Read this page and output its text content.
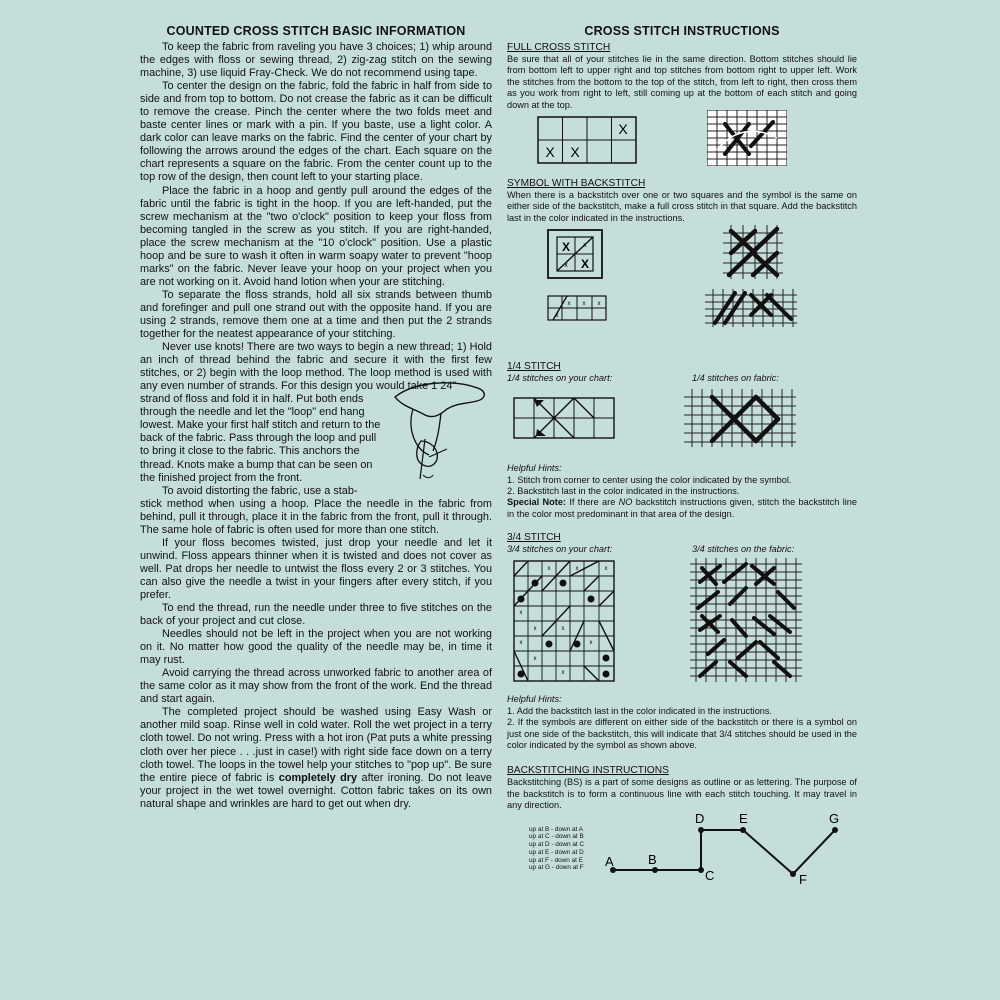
COUNTED CROSS STITCH BASIC INFORMATION

To keep the fabric from raveling you have 3 choices; 1) whip around the edges with floss or sewing thread, 2) zig-zag stitch on the sewing machine, 3) use liquid Fray-Check. We do not recommend using tape.

To center the design on the fabric, fold the fabric in half from side to side and from top to bottom. Do not crease the fabric as it can be difficult to remove the crease. Pinch the center where the two folds meet and baste center lines or mark with a pin. If you baste, use a light color. A dark color can leave marks on the fabric. Find the center of your chart by following the arrows around the edges of the chart. Each square on the chart represents a square on the fabric. From the center count up to the top row of the design, then count left to your starting place.

Place the fabric in a hoop and gently pull around the edges of the fabric until the fabric is tight in the hoop. If you are left-handed, put the screw mechanism at the "two o'clock" position to keep your floss from becoming tangled in the screw as you stitch. If you are right-handed, place the screw mechanism at the "10 o'clock" position. Use a plastic hoop and be sure to wash it often in warm soapy water to prevent "hoop marks" on the fabric. Never leave your hoop on your project when you are not working on it. Avoid hand lotion when your are stitching.

To separate the floss strands, hold all six strands between thumb and forefinger and pull one strand out with the opposite hand. If you are using 2 strands, remove them one at a time and then put the 2 strands together for the neatest appearance of your stitching.

Never use knots! There are two ways to begin a new thread; 1) Hold an inch of thread behind the fabric and secure it with the first few stitches, or 2) begin with the loop method. The loop method is used with any even number of strands. For this design you would take 1 24"

strand of floss and fold it in half. Put both ends
through the needle and let the "loop" end hang
lowest. Make your first half stitch and return to the
back of the fabric. Pass through the loop and pull
to bring it close to the fabric. This anchors the
thread. Knots make a bump that can be seen on
the finished project from the front.
To avoid distorting the fabric, use a stab-

stick method when using a hoop. Place the needle in the fabric from behind, pull it through, place it in the fabric from the front, pull it through. The same hole of fabric is often used for more than one stitch.

If your floss becomes twisted, just drop your needle and let it unwind. Floss appears thinner when it is twisted and does not cover as well. Pat drops her needle to untwist the floss every 2 or 3 stitches. You can also give the needle a twist in your fingers after every stitch, if you prefer.

To end the thread, run the needle under three to five stitches on the back of your project and cut close.

Needles should not be left in the project when you are not working on it. No matter how good the quality of the needle may be, in time it may rust.

Avoid carrying the thread across unworked fabric to another area of the same color as it may show from the front of the work. End the thread and start again.

The completed project should be washed using Easy Wash or another mild soap. Rinse well in cold water. Roll the wet project in a terry cloth towel. Do not wring. Press with a hot iron (Pat puts a white pressing cloth over her piece . . .just in case!) with right side face down on a terry cloth towel. The loops in the towel help your stitches to "pop up". Be sure the entire piece of fabric is completely dry after ironing. Do not leave your project in the wet towel overnight. Cotton fabric takes on its own natural shape and wrinkles are hard to get out when dry.

CROSS STITCH INSTRUCTIONS
FULL CROSS STITCH

Be sure that all of your stitches lie in the same direction. Bottom stitches should lie from bottom left to upper right and top stitches from bottom right to upper left. Work the stitches from the bottom to the top of the stitch, from left to right, then cross them as you work from right to left, still coming up at the bottom of each stitch and going down at the top.

X
X X
SYMBOL WITH BACKSTITCH

When there is a backstitch over one or two squares and the symbol is the same on either side of the backstitch, make a full cross stitch in that square. Add the backstitch last in the color indicated in the instructions.

X x
x X
x	x
x
x
1/4 STITCH
1/4 stitches on your chart:	1/4 stitches on fabric:
Helpful Hints:

1. Stitch from corner to center using the color indicated by the symbol.

2. Backstitch last in the color indicated in the instructions.

Special Note: If there are NO backstitch instructions given, stitch the backstitch line in the color most predominant in that area of the design.

3/4 STITCH
3/4 stitches on your chart:	3/4 stitches on the fabric:
x	x	x
x
x	x
x	x
x
x
Helpful Hints:

1. Add the backstitch last in the color indicated in the instructions.

2. If the symbols are different on either side of the backstitch or there is a symbol on just one side of the backstitch, this will indicate that 3/4 stitches should be used in the color indicated by the symbol as shown above.

BACKSTITCHING INSTRUCTIONS

Backstitching (BS) is a part of some designs as outline or as lettering. The purpose of the backstitch is to form a continuous line with each stitch touching. It may travel in any direction.

up at B - down at A
up at C - down at B
up at D - down at C
up at E - down at D
up at F - down at E
up at G - down at F A	B
C
D	E
F
G
